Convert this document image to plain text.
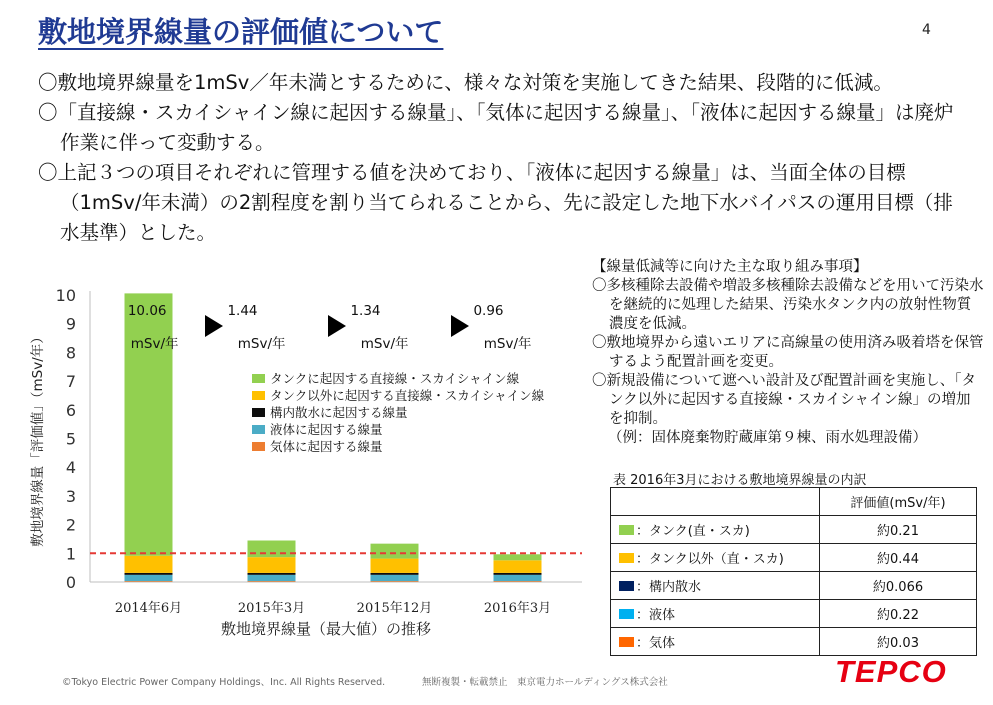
敷地境界線量の評価値について	4

〇敷地境界線量を1mSv／年未満とするために、様々な対策を実施してきた結果、段階的に低減。

〇「直接線・スカイシャイン線に起因する線量」、「気体に起因する線量」、「液体に起因する線量」は廃炉作業に伴って変動する。

〇上記３つの項目それぞれに管理する値を決めており、「液体に起因する線量」は、当面全体の目標（1mSv/年未満）の2割程度を割り当てられることから、先に設定した地下水バイパスの運用目標（排水基準）とした。

0
1
2
3
4
5
6
7
8
9
10
敷地境界線量「評価値」（mSv/年）
2014年6月
10.06
mSv/年
2015年3月
1.44
mSv/年
2015年12月
1.34
mSv/年
2016年3月
0.96
mSv/年
敷地境界線量（最大値）の推移
タンクに起因する直接線・スカイシャイン線
タンク以外に起因する直接線・スカイシャイン線
構内散水に起因する線量
液体に起因する線量
気体に起因する線量
【線量低減等に向けた主な取り組み事項】

〇多核種除去設備や増設多核種除去設備などを用いて汚染水を継続的に処理した結果、汚染水タンク内の放射性物質濃度を低減。

〇敷地境界から遠いエリアに高線量の使用済み吸着塔を保管するよう配置計画を変更。

〇新規設備について遮へい設計及び配置計画を実施し、「タンク以外に起因する直接線・スカイシャイン線」の増加を抑制。

（例：固体廃棄物貯蔵庫第９棟、雨水処理設備）

表 2016年3月における敷地境界線量の内訳
	評価値(mSv/年)

：タンク(直・スカ)	約0.21

：タンク以外（直・スカ)	約0.44

：構内散水	約0.066

：液体	約0.22

：気体	約0.03
©Tokyo Electric Power Company Holdings、Inc. All Rights Reserved.	無断複製・転載禁止　東京電力ホールディングス株式会社	TEPCO
